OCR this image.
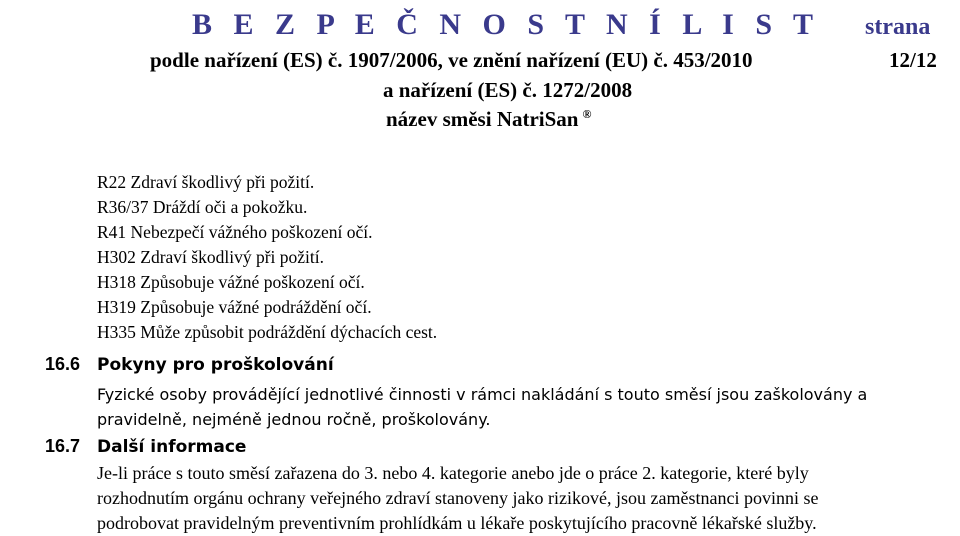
B E Z P E Č N O S T N Í L I S T strana
podle nařízení (ES) č. 1907/2006, ve znění nařízení (EU) č. 453/2010	12/12
a nařízení (ES) č. 1272/2008
název směsi NatriSan ®
R22 Zdraví škodlivý při požití.
R36/37 Dráždí oči a pokožku.
R41 Nebezpečí vážného poškození očí.
H302 Zdraví škodlivý při požití.
H318 Způsobuje vážné poškození očí.
H319 Způsobuje vážné podráždění očí.
H335 Může způsobit podráždění dýchacích cest.
16.6 Pokyny pro proškolování
Fyzické osoby provádějící jednotlivé činnosti v rámci nakládání s touto směsí jsou zaškolovány a
pravidelně, nejméně jednou ročně, proškolovány.
16.7 Další informace
Je-li práce s touto směsí zařazena do 3. nebo 4. kategorie anebo jde o práce 2. kategorie, které byly
rozhodnutím orgánu ochrany veřejného zdraví stanoveny jako rizikové, jsou zaměstnanci povinni se
podrobovat pravidelným preventivním prohlídkám u lékaře poskytujícího pracovně lékařské služby.
